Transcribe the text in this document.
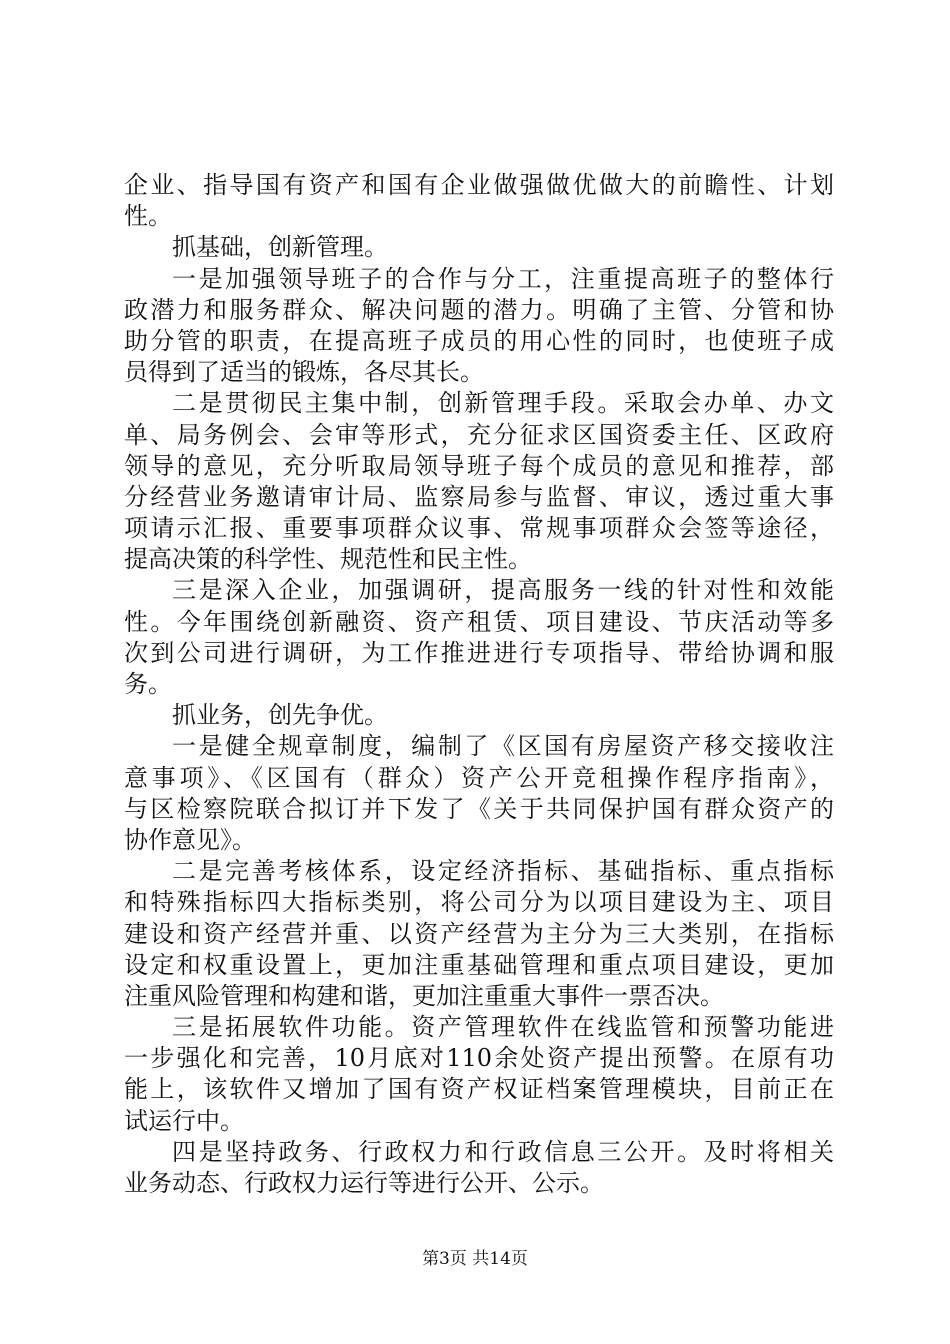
企业、指导国有资产和国有企业做强做优做大的前瞻性、计划
性。
抓基础，创新管理。
一是加强领导班子的合作与分工，注重提高班子的整体行
政潜力和服务群众、解决问题的潜力。明确了主管、分管和协
助分管的职责，在提高班子成员的用心性的同时，也使班子成
员得到了适当的锻炼，各尽其长。
二是贯彻民主集中制，创新管理手段。采取会办单、办文
单、局务例会、会审等形式，充分征求区国资委主任、区政府
领导的意见，充分听取局领导班子每个成员的意见和推荐，部
分经营业务邀请审计局、监察局参与监督、审议，透过重大事
项请示汇报、重要事项群众议事、常规事项群众会签等途径，
提高决策的科学性、规范性和民主性。
三是深入企业，加强调研，提高服务一线的针对性和效能
性。今年围绕创新融资、资产租赁、项目建设、节庆活动等多
次到公司进行调研，为工作推进进行专项指导、带给协调和服
务。
抓业务，创先争优。
一是健全规章制度，编制了《区国有房屋资产移交接收注
意事项》、《区国有（群众）资产公开竞租操作程序指南》，
与区检察院联合拟订并下发了《关于共同保护国有群众资产的
协作意见》。
二是完善考核体系，设定经济指标、基础指标、重点指标
和特殊指标四大指标类别，将公司分为以项目建设为主、项目
建设和资产经营并重、以资产经营为主分为三大类别，在指标
设定和权重设置上，更加注重基础管理和重点项目建设，更加
注重风险管理和构建和谐，更加注重重大事件一票否决。
三是拓展软件功能。资产管理软件在线监管和预警功能进
一步强化和完善，10月底对110余处资产提出预警。在原有功
能上，该软件又增加了国有资产权证档案管理模块，目前正在
试运行中。
四是坚持政务、行政权力和行政信息三公开。及时将相关
业务动态、行政权力运行等进行公开、公示。
第3页 共14页
